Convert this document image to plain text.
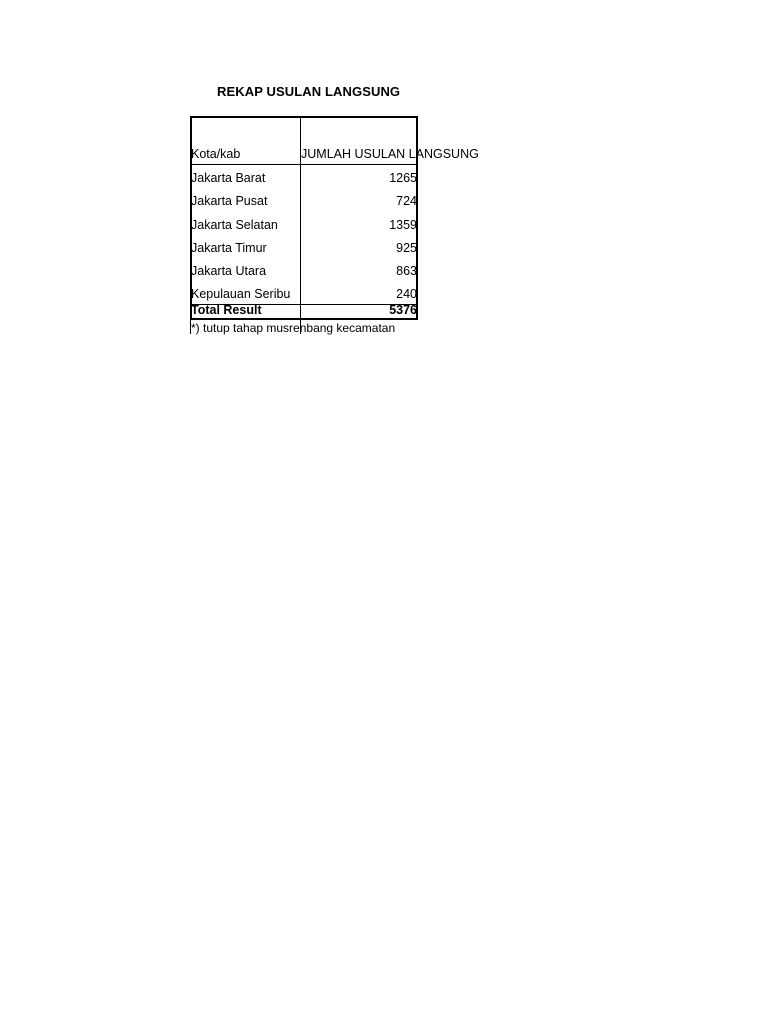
REKAP USULAN LANGSUNG
Kota/kab	JUMLAH USULAN LANGSUNG
Jakarta Barat	1265
Jakarta Pusat	724
Jakarta Selatan	1359
Jakarta Timur	925
Jakarta Utara	863
Kepulauan Seribu	240
Total Result	5376
*) tutup tahap musrenbang kecamatan
